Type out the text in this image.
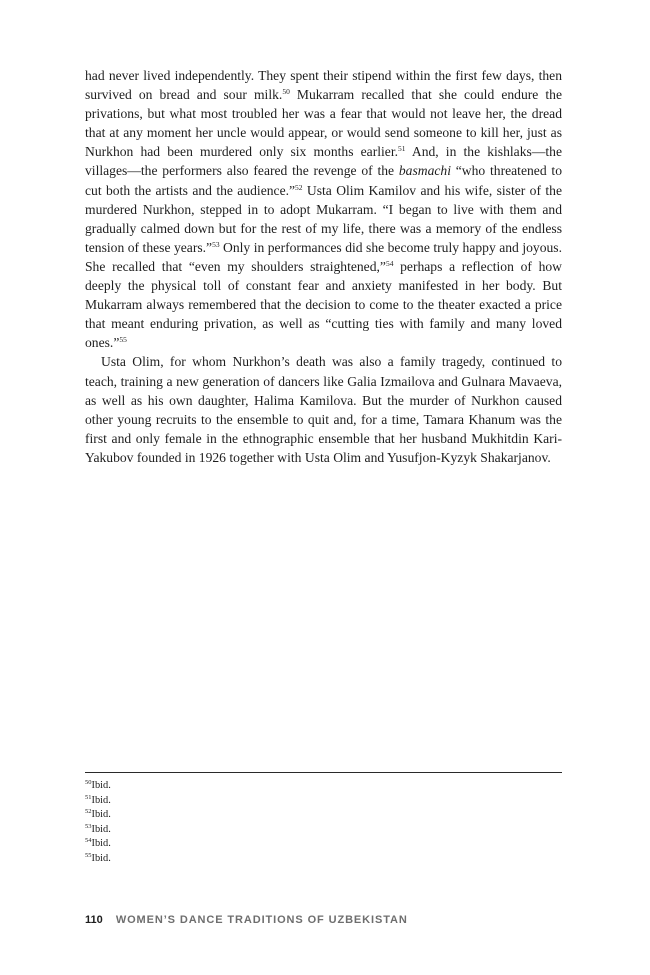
had never lived independently. They spent their stipend within the first few days, then survived on bread and sour milk.$^{50}$ Mukarram recalled that she could endure the privations, but what most troubled her was a fear that would not leave her, the dread that at any moment her uncle would appear, or would send someone to kill her, just as Nurkhon had been murdered only six months earlier.$^{51}$ And, in the kishlaks—the villages—the performers also feared the revenge of the basmachi “who threatened to cut both the artists and the audience.”$^{52}$ Usta Olim Kamilov and his wife, sister of the murdered Nurkhon, stepped in to adopt Mukarram. “I began to live with them and gradually calmed down but for the rest of my life, there was a memory of the endless tension of these years.”$^{53}$ Only in performances did she become truly happy and joyous. She recalled that “even my shoulders straightened,”$^{54}$ perhaps a reflection of how deeply the physical toll of constant fear and anxiety manifested in her body. But Mukarram always remembered that the decision to come to the theater exacted a price that meant enduring privation, as well as “cutting ties with family and many loved ones.”$^{55}$

Usta Olim, for whom Nurkhon’s death was also a family tragedy, continued to teach, training a new generation of dancers like Galia Izmailova and Gulnara Mavaeva, as well as his own daughter, Halima Kamilova. But the murder of Nurkhon caused other young recruits to the ensemble to quit and, for a time, Tamara Khanum was the first and only female in the ethnographic ensemble that her husband Mukhitdin Kari-Yakubov founded in 1926 together with Usta Olim and Yusufjon-Kyzyk Shakarjanov.

$^{50}$Ibid.
$^{51}$Ibid.
$^{52}$Ibid.
$^{53}$Ibid.
$^{54}$Ibid.
$^{55}$Ibid.
110 WOMEN’S DANCE TRADITIONS OF UZBEKISTAN
